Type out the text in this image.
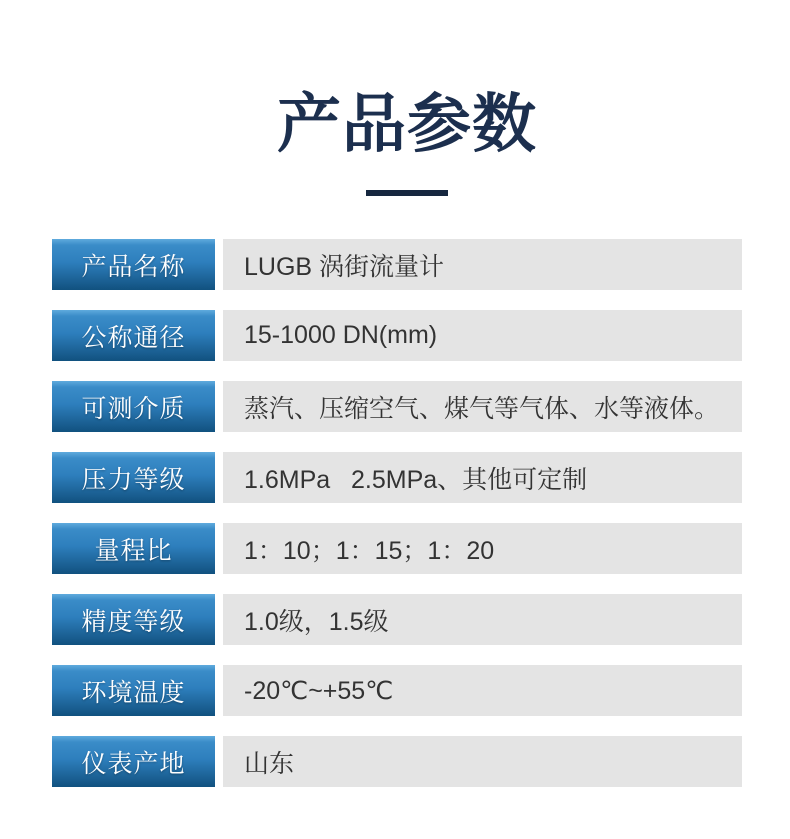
产品参数
产品名称	LUGB 涡街流量计
公称通径	15-1000 DN(mm)
可测介质	蒸汽、压缩空气、煤气等气体、水等液体。
压力等级	1.6MPa   2.5MPa、其他可定制
量程比	1：10；1：15；1：20
精度等级	1.0级，1.5级
环境温度	-20℃~+55℃
仪表产地	山东
